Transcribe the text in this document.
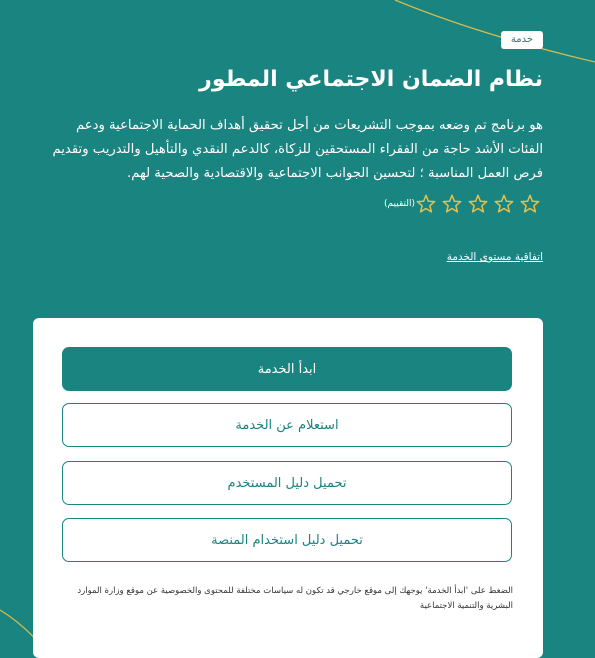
خدمة
نظام الضمان الاجتماعي المطور

هو برنامج تم وضعه بموجب التشريعات من أجل تحقيق أهداف الحماية الاجتماعية ودعم الفئات الأشد حاجة من الفقراء المستحقين للزكاة، كالدعم النقدي والتأهيل والتدريب وتقديم فرص العمل المناسبة ؛ لتحسين الجوانب الاجتماعية والاقتصادية والصحية لهم.

(التقييم)
اتفاقية مستوى الخدمة
ابدأ الخدمة
استعلام عن الخدمة
تحميل دليل المستخدم
تحميل دليل استخدام المنصة

الضغط على 'ابدأ الخدمة' يوجهك إلى موقع خارجي قد تكون له سياسات مختلفة للمحتوى والخصوصية عن موقع وزارة الموارد البشرية والتنمية الاجتماعية
